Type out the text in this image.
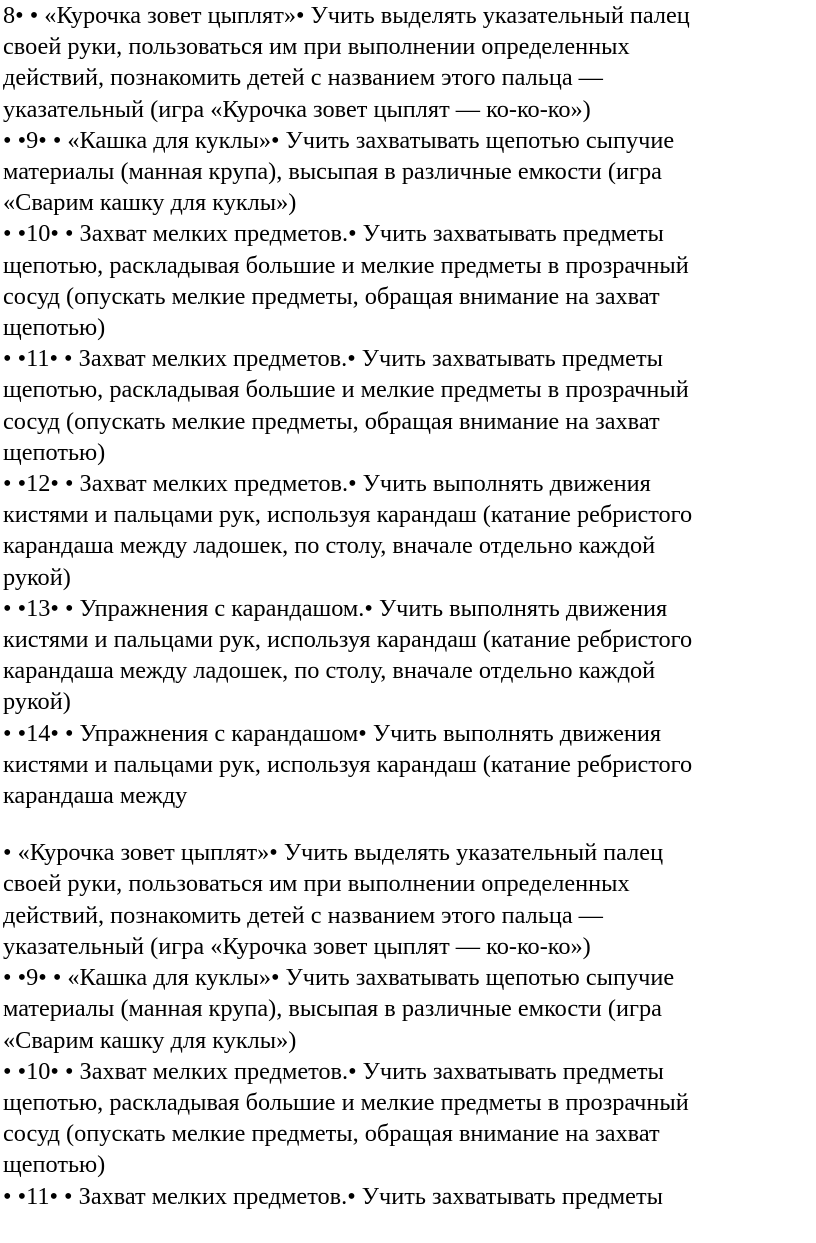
8• • «Курочка зовет цыплят»• Учить выделять указательный палец

своей руки, пользоваться им при выполнении определенных

действий, познакомить детей с названием этого пальца —

указательный (игра «Курочка зовет цыплят — ко-ко-ко»)

• •9• • «Кашка для куклы»• Учить захватывать щепотью сыпучие

материалы (манная крупа), высыпая в различные емкости (игра

«Сварим кашку для куклы»)

• •10• • Захват мелких предметов.• Учить захватывать предметы

щепотью, раскладывая большие и мелкие предметы в прозрачный

сосуд (опускать мелкие предметы, обращая внимание на захват

щепотью)

• •11• • Захват мелких предметов.• Учить захватывать предметы

щепотью, раскладывая большие и мелкие предметы в прозрачный

сосуд (опускать мелкие предметы, обращая внимание на захват

щепотью)

• •12• • Захват мелких предметов.• Учить выполнять движения

кистями и пальцами рук, используя карандаш (катание ребристого

карандаша между ладошек, по столу, вначале отдельно каждой

рукой)

• •13• • Упражнения с карандашом.• Учить выполнять движения

кистями и пальцами рук, используя карандаш (катание ребристого

карандаша между ладошек, по столу, вначале отдельно каждой

рукой)

• •14• • Упражнения с карандашом• Учить выполнять движения

кистями и пальцами рук, используя карандаш (катание ребристого

карандаша между

• «Курочка зовет цыплят»• Учить выделять указательный палец

своей руки, пользоваться им при выполнении определенных

действий, познакомить детей с названием этого пальца —

указательный (игра «Курочка зовет цыплят — ко-ко-ко»)

• •9• • «Кашка для куклы»• Учить захватывать щепотью сыпучие

материалы (манная крупа), высыпая в различные емкости (игра

«Сварим кашку для куклы»)

• •10• • Захват мелких предметов.• Учить захватывать предметы

щепотью, раскладывая большие и мелкие предметы в прозрачный

сосуд (опускать мелкие предметы, обращая внимание на захват

щепотью)

• •11• • Захват мелких предметов.• Учить захватывать предметы
